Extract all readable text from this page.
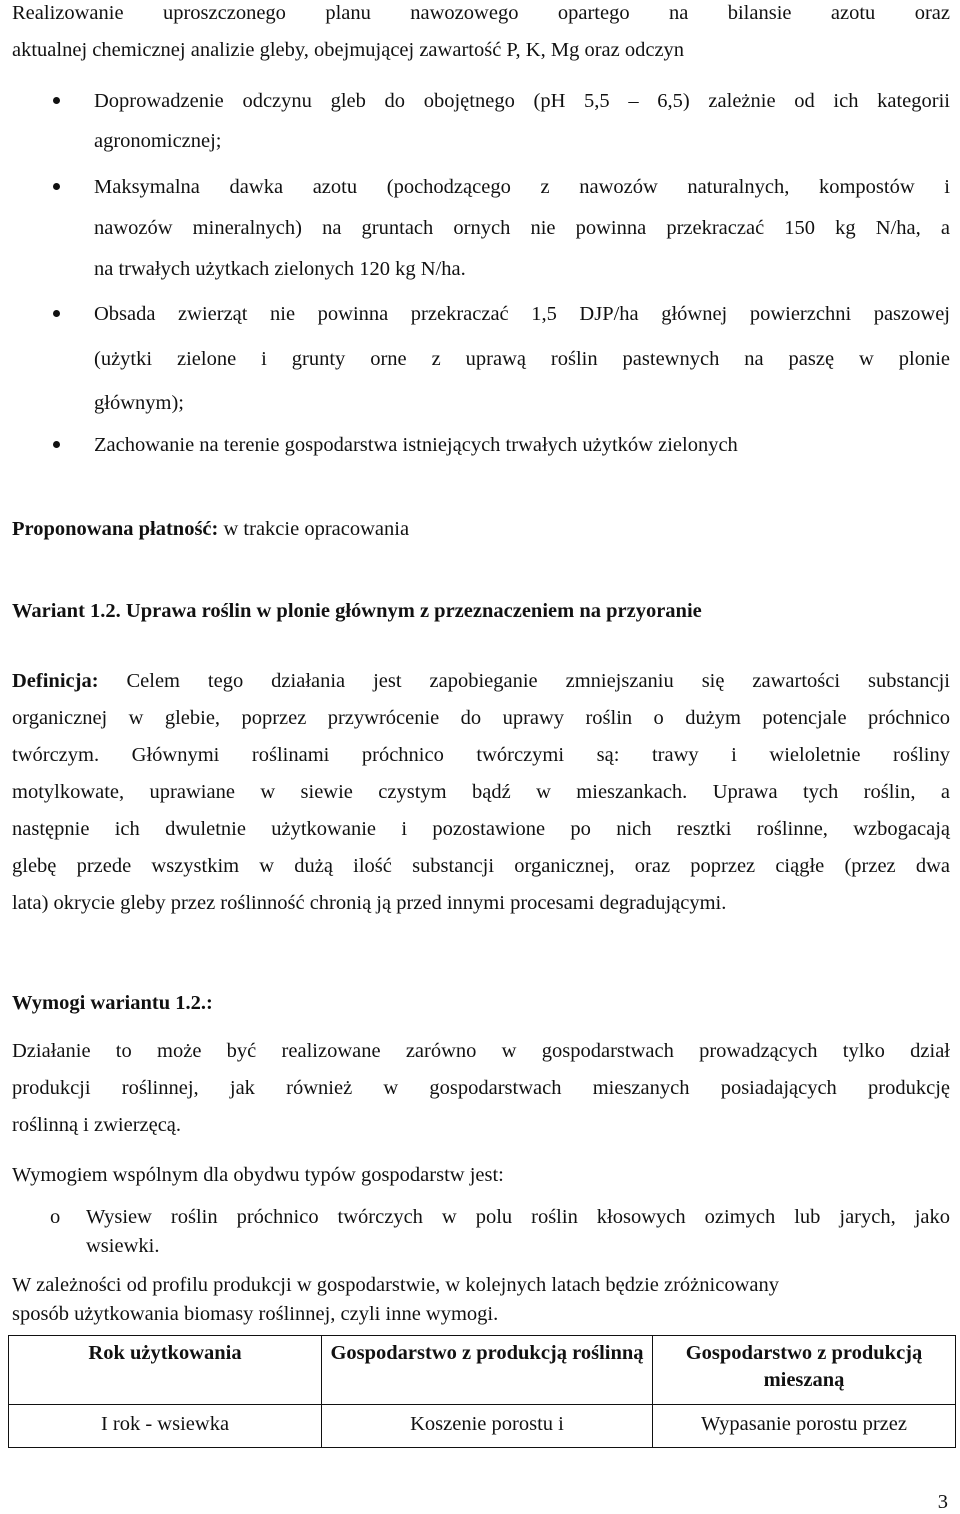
Realizowanie uproszczonego planu nawozowego opartego na bilansie azotu oraz
aktualnej chemicznej analizie gleby, obejmującej zawartość P, K, Mg oraz odczyn
Doprowadzenie odczynu gleb do obojętnego (pH 5,5 – 6,5) zależnie od ich kategorii
agronomicznej;
Maksymalna dawka azotu (pochodzącego z nawozów naturalnych, kompostów i
nawozów mineralnych) na gruntach ornych nie powinna przekraczać 150 kg N/ha, a
na trwałych użytkach zielonych 120 kg N/ha.
Obsada zwierząt nie powinna przekraczać 1,5 DJP/ha głównej powierzchni paszowej
(użytki zielone i grunty orne z uprawą roślin pastewnych na paszę w plonie
głównym);
Zachowanie na terenie gospodarstwa istniejących trwałych użytków zielonych
Proponowana płatność: w trakcie opracowania
Wariant 1.2. Uprawa roślin w plonie głównym z przeznaczeniem na przyoranie
Definicja: Celem tego działania jest zapobieganie zmniejszaniu się zawartości substancji
organicznej w glebie, poprzez przywrócenie do uprawy roślin o dużym potencjale próchnico
twórczym. Głównymi roślinami próchnico twórczymi są: trawy i wieloletnie rośliny
motylkowate, uprawiane w siewie czystym bądź w mieszankach. Uprawa tych roślin, a
następnie ich dwuletnie użytkowanie i pozostawione po nich resztki roślinne, wzbogacają
glebę przede wszystkim w dużą ilość substancji organicznej, oraz poprzez ciągłe (przez dwa
lata) okrycie gleby przez roślinność chronią ją przed innymi procesami degradującymi.
Wymogi wariantu 1.2.:
Działanie to może być realizowane zarówno w gospodarstwach prowadzących tylko dział
produkcji roślinnej, jak również w gospodarstwach mieszanych posiadających produkcję
roślinną i zwierzęcą.
Wymogiem wspólnym dla obydwu typów gospodarstw jest:
o Wysiew roślin próchnico twórczych w polu roślin kłosowych ozimych lub jarych, jako
wsiewki.
W zależności od profilu produkcji w gospodarstwie, w kolejnych latach będzie zróżnicowany
sposób użytkowania biomasy roślinnej, czyli inne wymogi.
Rok użytkowania	Gospodarstwo z produkcją roślinną	Gospodarstwo z produkcją mieszaną
I rok - wsiewka	Koszenie porostu i	Wypasanie porostu przez
3
